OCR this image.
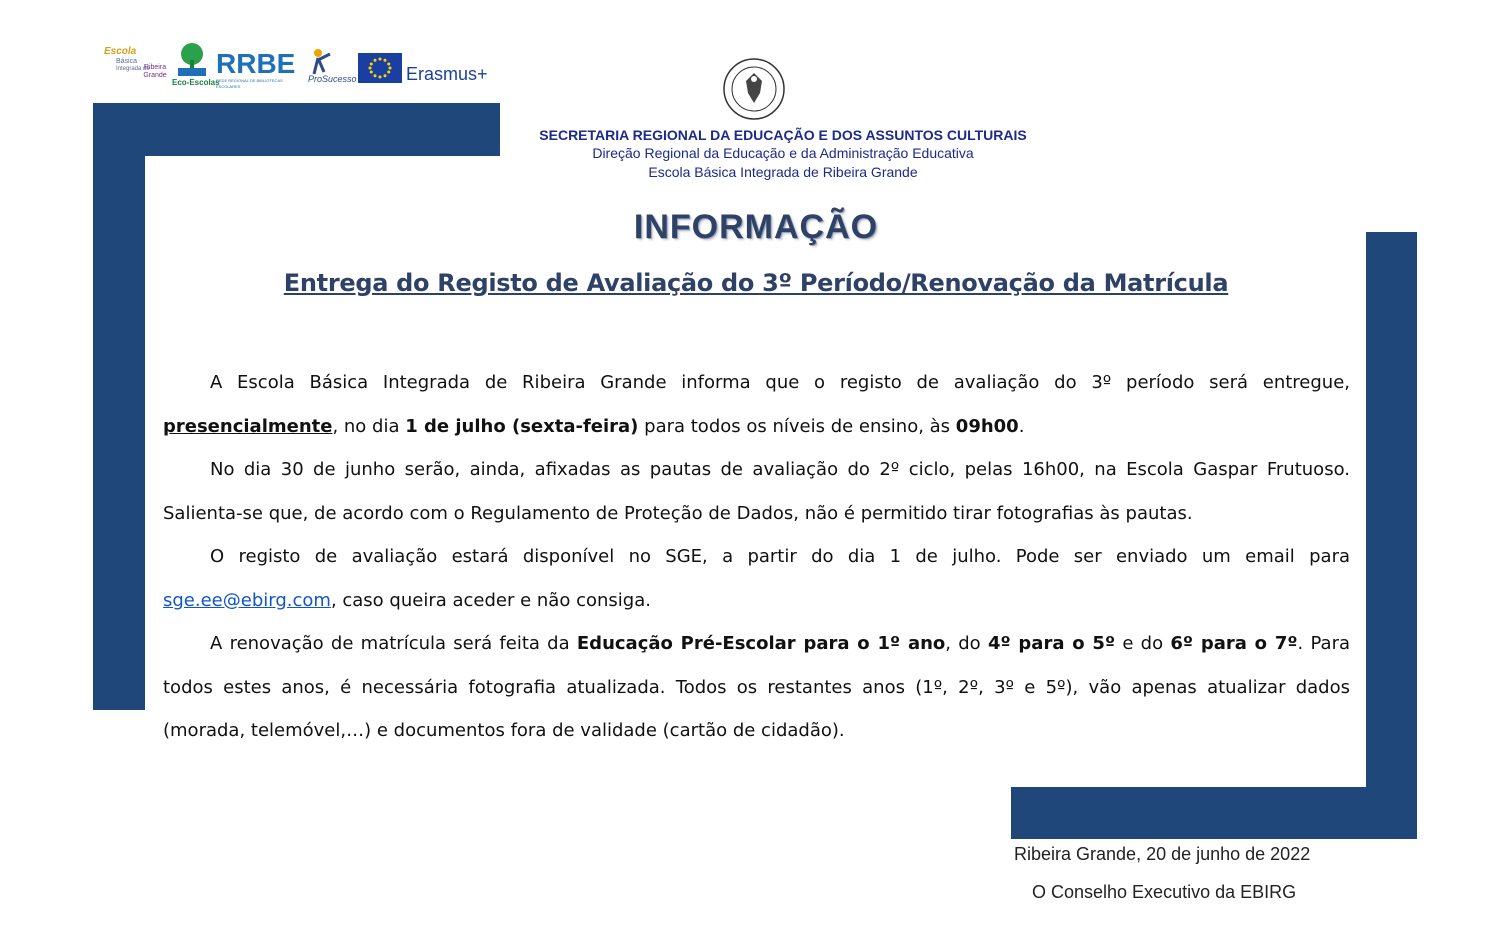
Escola
Básica
Integrada de
Ribeira Grande
Eco-Escolas
RRBE
REDE REGIONAL DE BIBLIOTECAS ESCOLARES
ProSucesso	Erasmus+
SECRETARIA REGIONAL DA EDUCAÇÃO E DOS ASSUNTOS CULTURAIS
Direção Regional da Educação e da Administração Educativa
Escola Básica Integrada de Ribeira Grande
INFORMAÇÃO
Entrega do Registo de Avaliação do 3º Período/Renovação da Matrícula

A Escola Básica Integrada de Ribeira Grande informa que o registo de avaliação do 3º período será entregue, presencialmente, no dia 1 de julho (sexta-feira) para todos os níveis de ensino, às 09h00.

No dia 30 de junho serão, ainda, afixadas as pautas de avaliação do 2º ciclo, pelas 16h00, na Escola Gaspar Frutuoso. Salienta-se que, de acordo com o Regulamento de Proteção de Dados, não é permitido tirar fotografias às pautas.

O registo de avaliação estará disponível no SGE, a partir do dia 1 de julho. Pode ser enviado um email para sge.ee@ebirg.com, caso queira aceder e não consiga.

A renovação de matrícula será feita da Educação Pré-Escolar para o 1º ano, do 4º para o 5º e do 6º para o 7º. Para todos estes anos, é necessária fotografia atualizada. Todos os restantes anos (1º, 2º, 3º e 5º), vão apenas atualizar dados (morada, telemóvel,…) e documentos fora de validade (cartão de cidadão).

Ribeira Grande, 20 de junho de 2022
O Conselho Executivo da EBIRG
